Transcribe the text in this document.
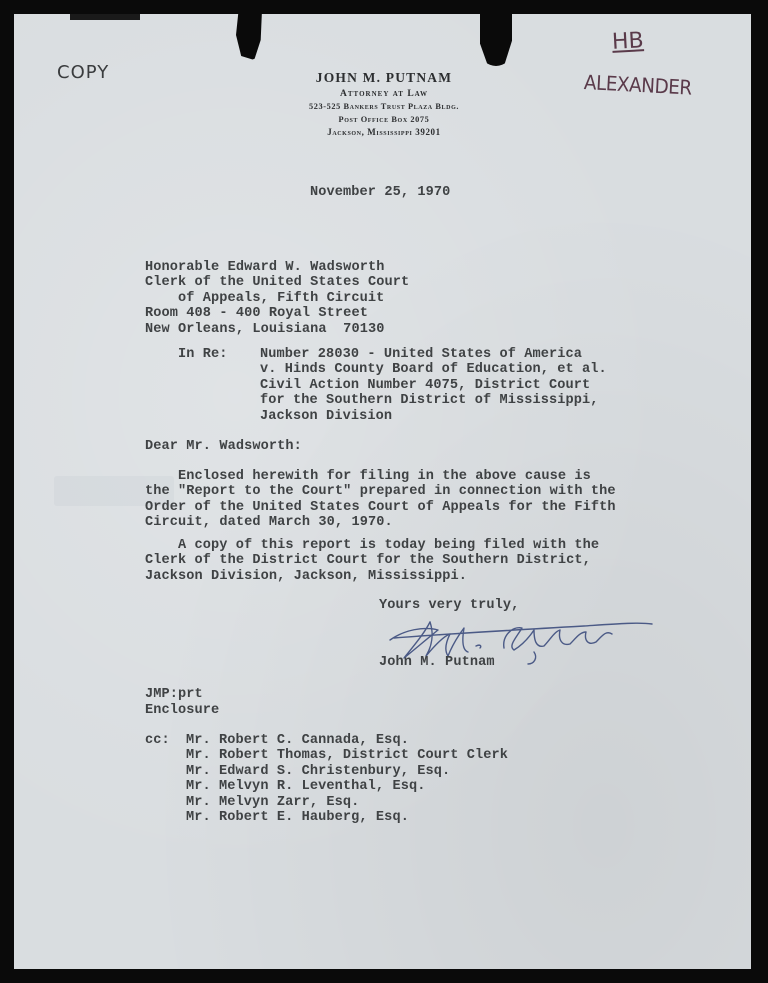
COPY
HB
ALEXANDER
JOHN M. PUTNAM
Attorney at Law
523-525 Bankers Trust Plaza Bldg.
Post Office Box 2075
Jackson, Mississippi 39201
November 25, 1970
Honorable Edward W. Wadsworth
Clerk of the United States Court
of Appeals, Fifth Circuit
Room 408 - 400 Royal Street
New Orleans, Louisiana  70130
In Re: Number 28030 - United States of America
v. Hinds County Board of Education, et al.
Civil Action Number 4075, District Court
for the Southern District of Mississippi,
Jackson Division
Dear Mr. Wadsworth:
Enclosed herewith for filing in the above cause is
the "Report to the Court" prepared in connection with the
Order of the United States Court of Appeals for the Fifth
Circuit, dated March 30, 1970.
A copy of this report is today being filed with the
Clerk of the District Court for the Southern District,
Jackson Division, Jackson, Mississippi.
Yours very truly,
John M. Putnam
JMP:prt
Enclosure
cc: Mr. Robert C. Cannada, Esq.
Mr. Robert Thomas, District Court Clerk
Mr. Edward S. Christenbury, Esq.
Mr. Melvyn R. Leventhal, Esq.
Mr. Melvyn Zarr, Esq.
Mr. Robert E. Hauberg, Esq.
